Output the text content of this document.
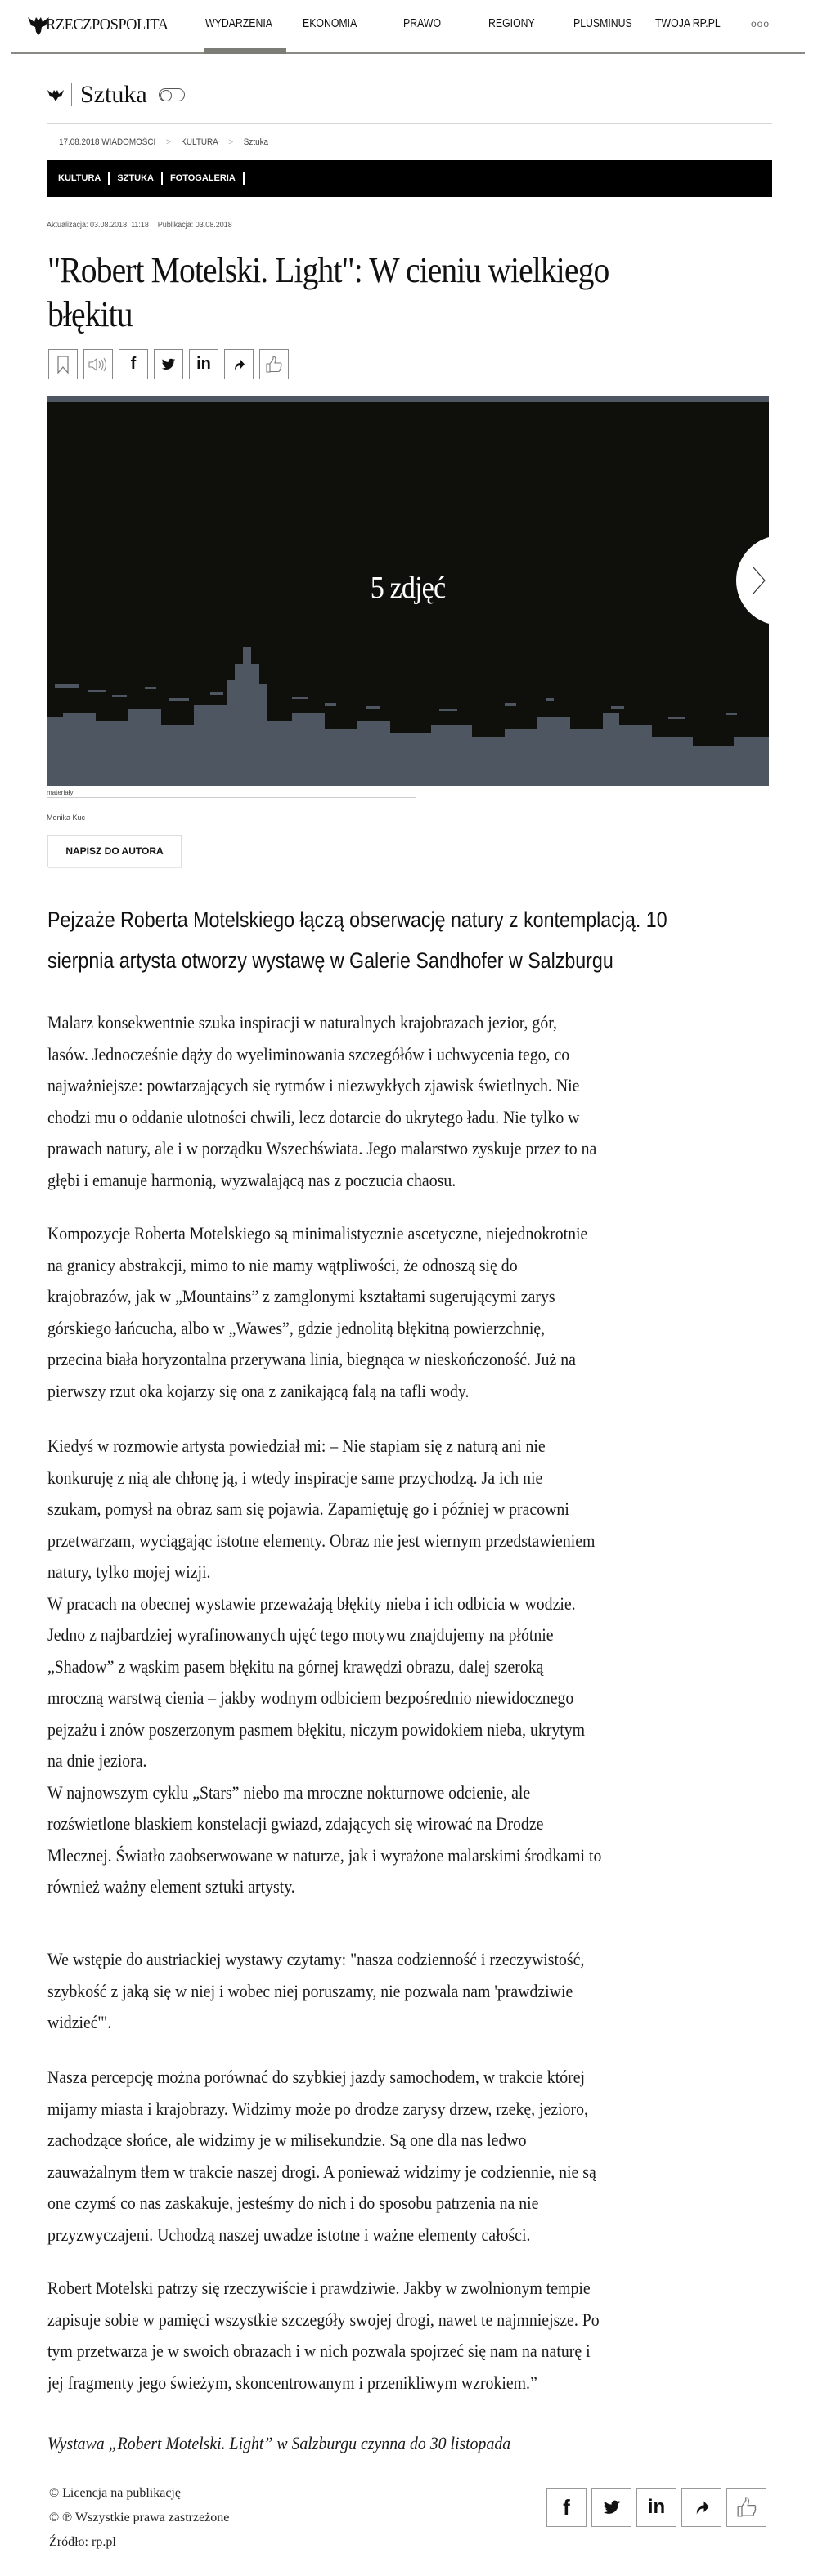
RZECZPOSPOLITA	WYDARZENIA EKONOMIA	PRAWO	REGIONY	PLUSMINUS TWOJA RP.PL	ooo
Sztuka
17.08.2018 WIADOMOŚCI > KULTURA > Sztuka
KULTURA	SZTUKA	FOTOGALERIA
Aktualizacja: 03.08.2018, 11:18 Publikacja: 03.08.2018
"Robert Motelski. Light": W cieniu wielkiego błękitu
f	in
5 zdjęć
materiały
Monika Kuc
NAPISZ DO AUTORA
Pejzaże Roberta Motelskiego łączą obserwację natury z kontemplacją. 10 sierpnia artysta otworzy wystawę w Galerie Sandhofer w Salzburgu

Malarz konsekwentnie szuka inspiracji w naturalnych krajobrazach jezior, gór,

lasów. Jednocześnie dąży do wyeliminowania szczegółów i uchwycenia tego, co

najważniejsze: powtarzających się rytmów i niezwykłych zjawisk świetlnych. Nie

chodzi mu o oddanie ulotności chwili, lecz dotarcie do ukrytego ładu. Nie tylko w

prawach natury, ale i w porządku Wszechświata. Jego malarstwo zyskuje przez to na

głębi i emanuje harmonią, wyzwalającą nas z poczucia chaosu.

Kompozycje Roberta Motelskiego są minimalistycznie ascetyczne, niejednokrotnie

na granicy abstrakcji, mimo to nie mamy wątpliwości, że odnoszą się do

krajobrazów, jak w „Mountains” z zamglonymi kształtami sugerującymi zarys

górskiego łańcucha, albo w „Wawes”, gdzie jednolitą błękitną powierzchnię,

przecina biała horyzontalna przerywana linia, biegnąca w nieskończoność. Już na

pierwszy rzut oka kojarzy się ona z zanikającą falą na tafli wody.

Kiedyś w rozmowie artysta powiedział mi: – Nie stapiam się z naturą ani nie

konkuruję z nią ale chłonę ją, i wtedy inspiracje same przychodzą. Ja ich nie

szukam, pomysł na obraz sam się pojawia. Zapamiętuję go i później w pracowni

przetwarzam, wyciągając istotne elementy. Obraz nie jest wiernym przedstawieniem

natury, tylko mojej wizji.

W pracach na obecnej wystawie przeważają błękity nieba i ich odbicia w wodzie.

Jedno z najbardziej wyrafinowanych ujęć tego motywu znajdujemy na płótnie

„Shadow” z wąskim pasem błękitu na górnej krawędzi obrazu, dalej szeroką

mroczną warstwą cienia – jakby wodnym odbiciem bezpośrednio niewidocznego

pejzażu i znów poszerzonym pasmem błękitu, niczym powidokiem nieba, ukrytym

na dnie jeziora.

W najnowszym cyklu „Stars” niebo ma mroczne nokturnowe odcienie, ale

rozświetlone blaskiem konstelacji gwiazd, zdających się wirować na Drodze

Mlecznej. Światło zaobserwowane w naturze, jak i wyrażone malarskimi środkami to

również ważny element sztuki artysty.

We wstępie do austriackiej wystawy czytamy: "nasza codzienność i rzeczywistość,

szybkość z jaką się w niej i wobec niej poruszamy, nie pozwala nam 'prawdziwie

widzieć'".

Nasza percepcję można porównać do szybkiej jazdy samochodem, w trakcie której

mijamy miasta i krajobrazy. Widzimy może po drodze zarysy drzew, rzekę, jezioro,

zachodzące słońce, ale widzimy je w milisekundzie. Są one dla nas ledwo

zauważalnym tłem w trakcie naszej drogi. A ponieważ widzimy je codziennie, nie są

one czymś co nas zaskakuje, jesteśmy do nich i do sposobu patrzenia na nie

przyzwyczajeni. Uchodzą naszej uwadze istotne i ważne elementy całości.

Robert Motelski patrzy się rzeczywiście i prawdziwie. Jakby w zwolnionym tempie

zapisuje sobie w pamięci wszystkie szczegóły swojej drogi, nawet te najmniejsze. Po

tym przetwarza je w swoich obrazach i w nich pozwala spojrzeć się nam na naturę i

jej fragmenty jego świeżym, skoncentrowanym i przenikliwym wzrokiem.”

Wystawa „Robert Motelski. Light” w Salzburgu czynna do 30 listopada

© Licencja na publikację
© ℗ Wszystkie prawa zastrzeżone
Źródło: rp.pl
f	in
